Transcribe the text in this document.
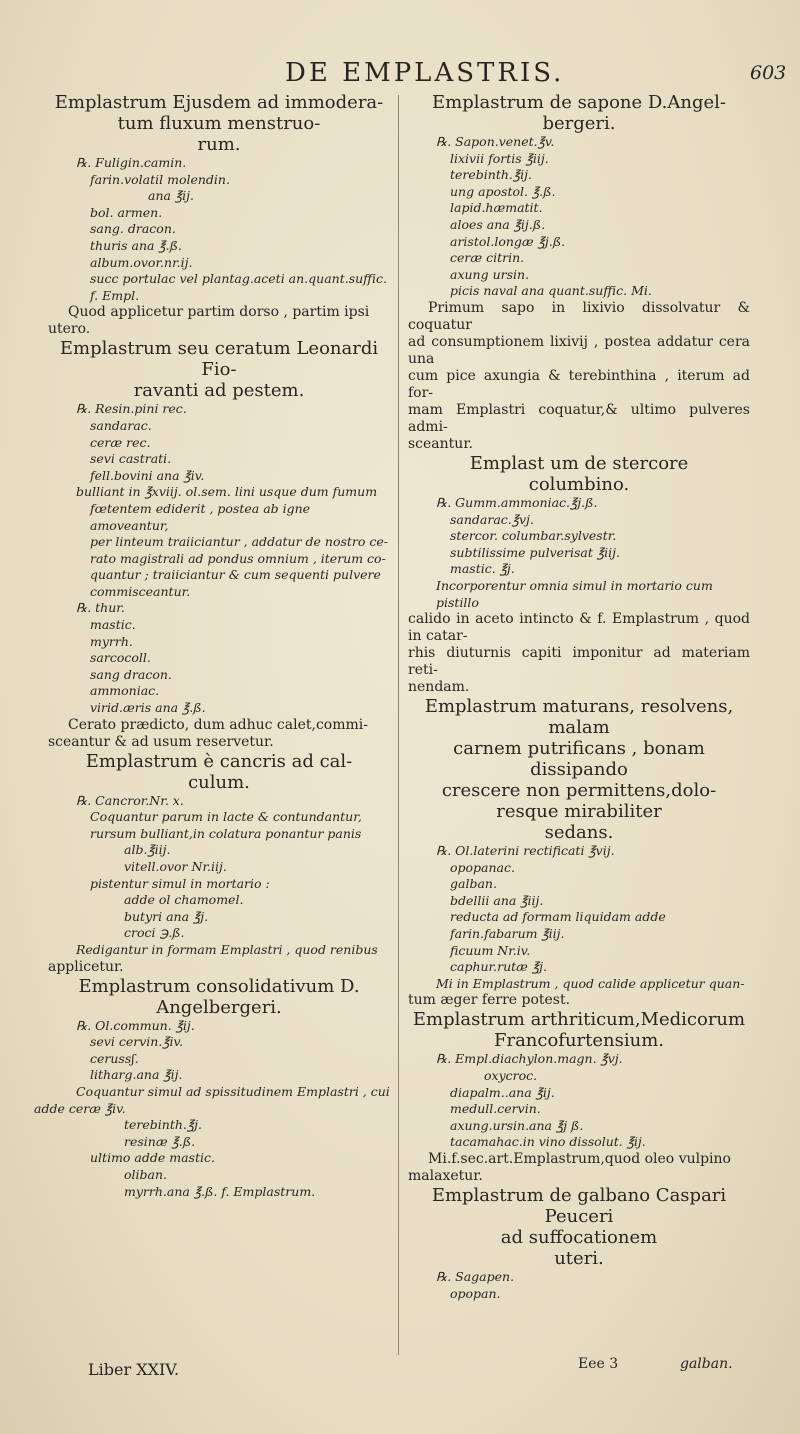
DE EMPLASTRIS.	603
Emplastrum Ejusdem ad immodera-
tum fluxum menstruo-
rum.
℞. Fuligin.camin.
farin.volatil molendin.
ana ℥ij.
bol. armen.
sang. dracon.
thuris ana ℥.ß.
album.ovor.nr.ij.
succ portulac vel plantag.aceti an.quant.suffic.
f. Empl.
Quod applicetur partim dorso , partim ipsi
utero.
Emplastrum seu ceratum Leonardi Fio-
ravanti ad pestem.
℞. Resin.pini rec.
sandarac.
ceræ rec.
sevi castrati.
fell.bovini ana ℥iv.
bulliant in ℥xviij. ol.sem. lini usque dum fumum
fœtentem ediderit , postea ab igne amoveantur,
per linteum traiiciantur , addatur de nostro ce-
rato magistrali ad pondus omnium , iterum co-
quantur ; traiiciantur & cum sequenti pulvere
commisceantur.
℞. thur.
mastic.
myrrh.
sarcocoll.
sang dracon.
ammoniac.
virid.æris ana ℥.ß.
Cerato prædicto, dum adhuc calet,commi-
sceantur & ad usum reservetur.
Emplastrum è cancris ad cal-
culum.
℞. Cancror.Nr. x.
Coquantur parum in lacte & contundantur,
rursum bulliant,in colatura ponantur panis
alb.℥iij.
vitell.ovor Nr.iij.
pistentur simul in mortario :
adde ol chamomel.
butyri ana ℥j.
croci ℈.ß.
Redigantur in formam Emplastri , quod renibus
applicetur.
Emplastrum consolidativum D.
Angelbergeri.
℞. Ol.commun. ℥ij.
sevi cervin.℥iv.
cerussʃ.
litharg.ana ℥ij.
Coquantur simul ad spissitudinem Emplastri , cui
adde ceræ ℥iv.
terebinth.℥j.
resinæ ℥.ß.
ultimo adde mastic.
oliban.
myrrh.ana ℥.ß. f. Emplastrum.
Emplastrum de sapone D.Angel-
bergeri.
℞. Sapon.venet.℥v.
lixivii fortis ℥iij.
terebinth.℥ij.
ung apostol. ℥.ß.
lapid.hæmatit.
aloes ana ℥ij.ß.
aristol.longæ ℥j.ß.
ceræ citrin.
axung ursin.
picis naval ana quant.suffic. Mi.
Primum sapo in lixivio dissolvatur & coquatur
ad consumptionem lixivij , postea addatur cera una
cum pice axungia & terebinthina , iterum ad for-
mam Emplastri coquatur,& ultimo pulveres admi-
sceantur.
Emplast um de stercore
columbino.
℞. Gumm.ammoniac.℥j.ß.
sandarac.℥vj.
stercor. columbar.sylvestr.
subtilissime pulverisat ℥iij.
mastic. ℥j.
Incorporentur omnia simul in mortario cum pistillo
calido in aceto intincto & f. Emplastrum , quod in catar-
rhis diuturnis capiti imponitur ad materiam reti-
nendam.
Emplastrum maturans, resolvens, malam
carnem putrificans , bonam dissipando
crescere non permittens,dolo-
resque mirabiliter
sedans.
℞. Ol.laterini rectificati ℥vij.
opopanac.
galban.
bdellii ana ℥iij.
reducta ad formam liquidam adde
farin.fabarum ℥iij.
ficuum Nr.iv.
caphur.rutæ ℥j.
Mi in Emplastrum , quod calide applicetur quan-
tum æger ferre potest.
Emplastrum arthriticum,Medicorum
Francofurtensium.
℞. Empl.diachylon.magn. ℥vj.
oxycroc.
diapalm..ana ℥ij.
medull.cervin.
axung.ursin.ana ℥j ß.
tacamahac.in vino dissolut. ℥ij.
Mi.f.sec.art.Emplastrum,quod oleo vulpino
malaxetur.
Emplastrum de galbano Caspari Peuceri
ad suffocationem
uteri.
℞. Sagapen.
opopan.
Liber XXIV.	Eee 3	galban.
